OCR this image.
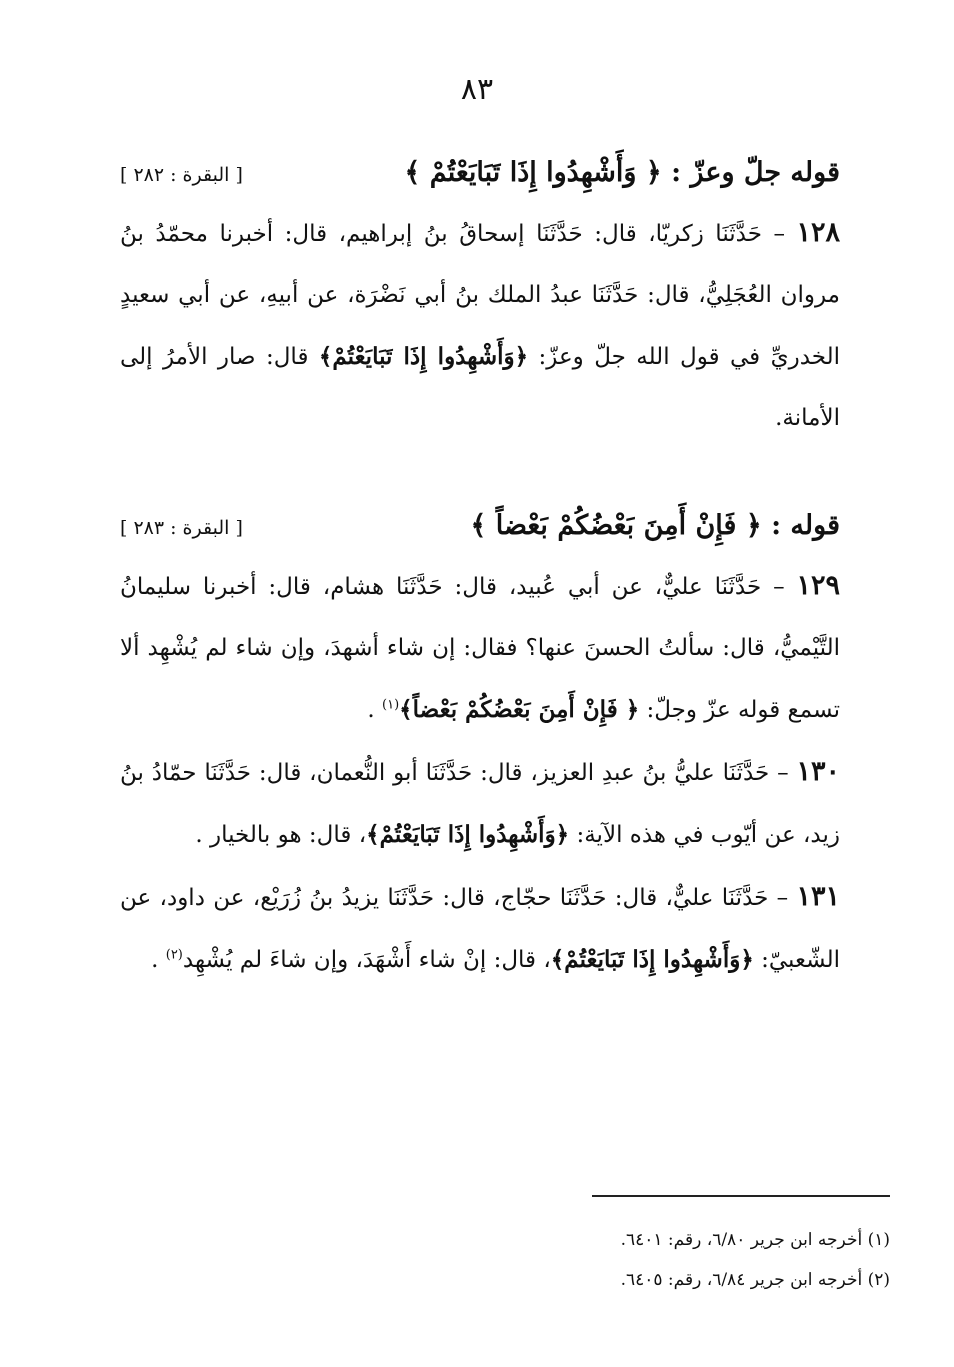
٨٣
قوله جلّ وعزّ : ﴿ وَأَشْهِدُوا إِذَا تَبَايَعْتُمْ ﴾
[ البقرة : ٢٨٢ ]

١٢٨ – حَدَّثَنَا زكريّا، قال: حَدَّثَنَا إسحاقُ بنُ إبراهيم، قال: أخبرنا محمّدُ بنُ مروان العُجَلِيُّ، قال: حَدَّثَنَا عبدُ الملك بنُ أبي نَضْرَة، عن أبيهِ، عن أبي سعيدٍ الخدريِّ في قول الله جلّ وعزّ: ﴿وَأَشْهِدُوا إِذَا تَبَايَعْتُمْ﴾ قال: صار الأمرُ إلى الأمانة.

قوله : ﴿ فَإِنْ أَمِنَ بَعْضُكُمْ بَعْضاً ﴾
[ البقرة : ٢٨٣ ]

١٢٩ – حَدَّثَنَا عليٌّ، عن أبي عُبيد، قال: حَدَّثَنَا هشام، قال: أخبرنا سليمانُ التَّيْميُّ، قال: سألتُ الحسنَ عنها؟ فقال: إن شاء أشهدَ، وإن شاء لم يُشْهِد ألا تسمع قوله عزّ وجلّ: ﴿ فَإِنْ أَمِنَ بَعْضُكُمْ بَعْضاً﴾$^{(١)}$ .

١٣٠ – حَدَّثَنَا عليُّ بنُ عبدِ العزيز، قال: حَدَّثَنَا أبو النُّعمان، قال: حَدَّثَنَا حمّادُ بنُ زيد، عن أيّوب في هذه الآية: ﴿وَأَشْهِدُوا إِذَا تَبَايَعْتُمْ﴾، قال: هو بالخيار .

١٣١ – حَدَّثَنَا عليٌّ، قال: حَدَّثَنَا حجّاج، قال: حَدَّثَنَا يزيدُ بنُ زُرَيْع، عن داود، عن الشّعبيّ: ﴿وَأَشْهِدُوا إِذَا تَبَايَعْتُمْ﴾، قال: إنْ شاء أَشْهَدَ، وإن شاءَ لم يُشْهِد$^{(٢)}$ .

(١) أخرجه ابن جرير ٦/٨٠، رقم: ٦٤٠١.
(٢) أخرجه ابن جرير ٦/٨٤، رقم: ٦٤٠٥.
